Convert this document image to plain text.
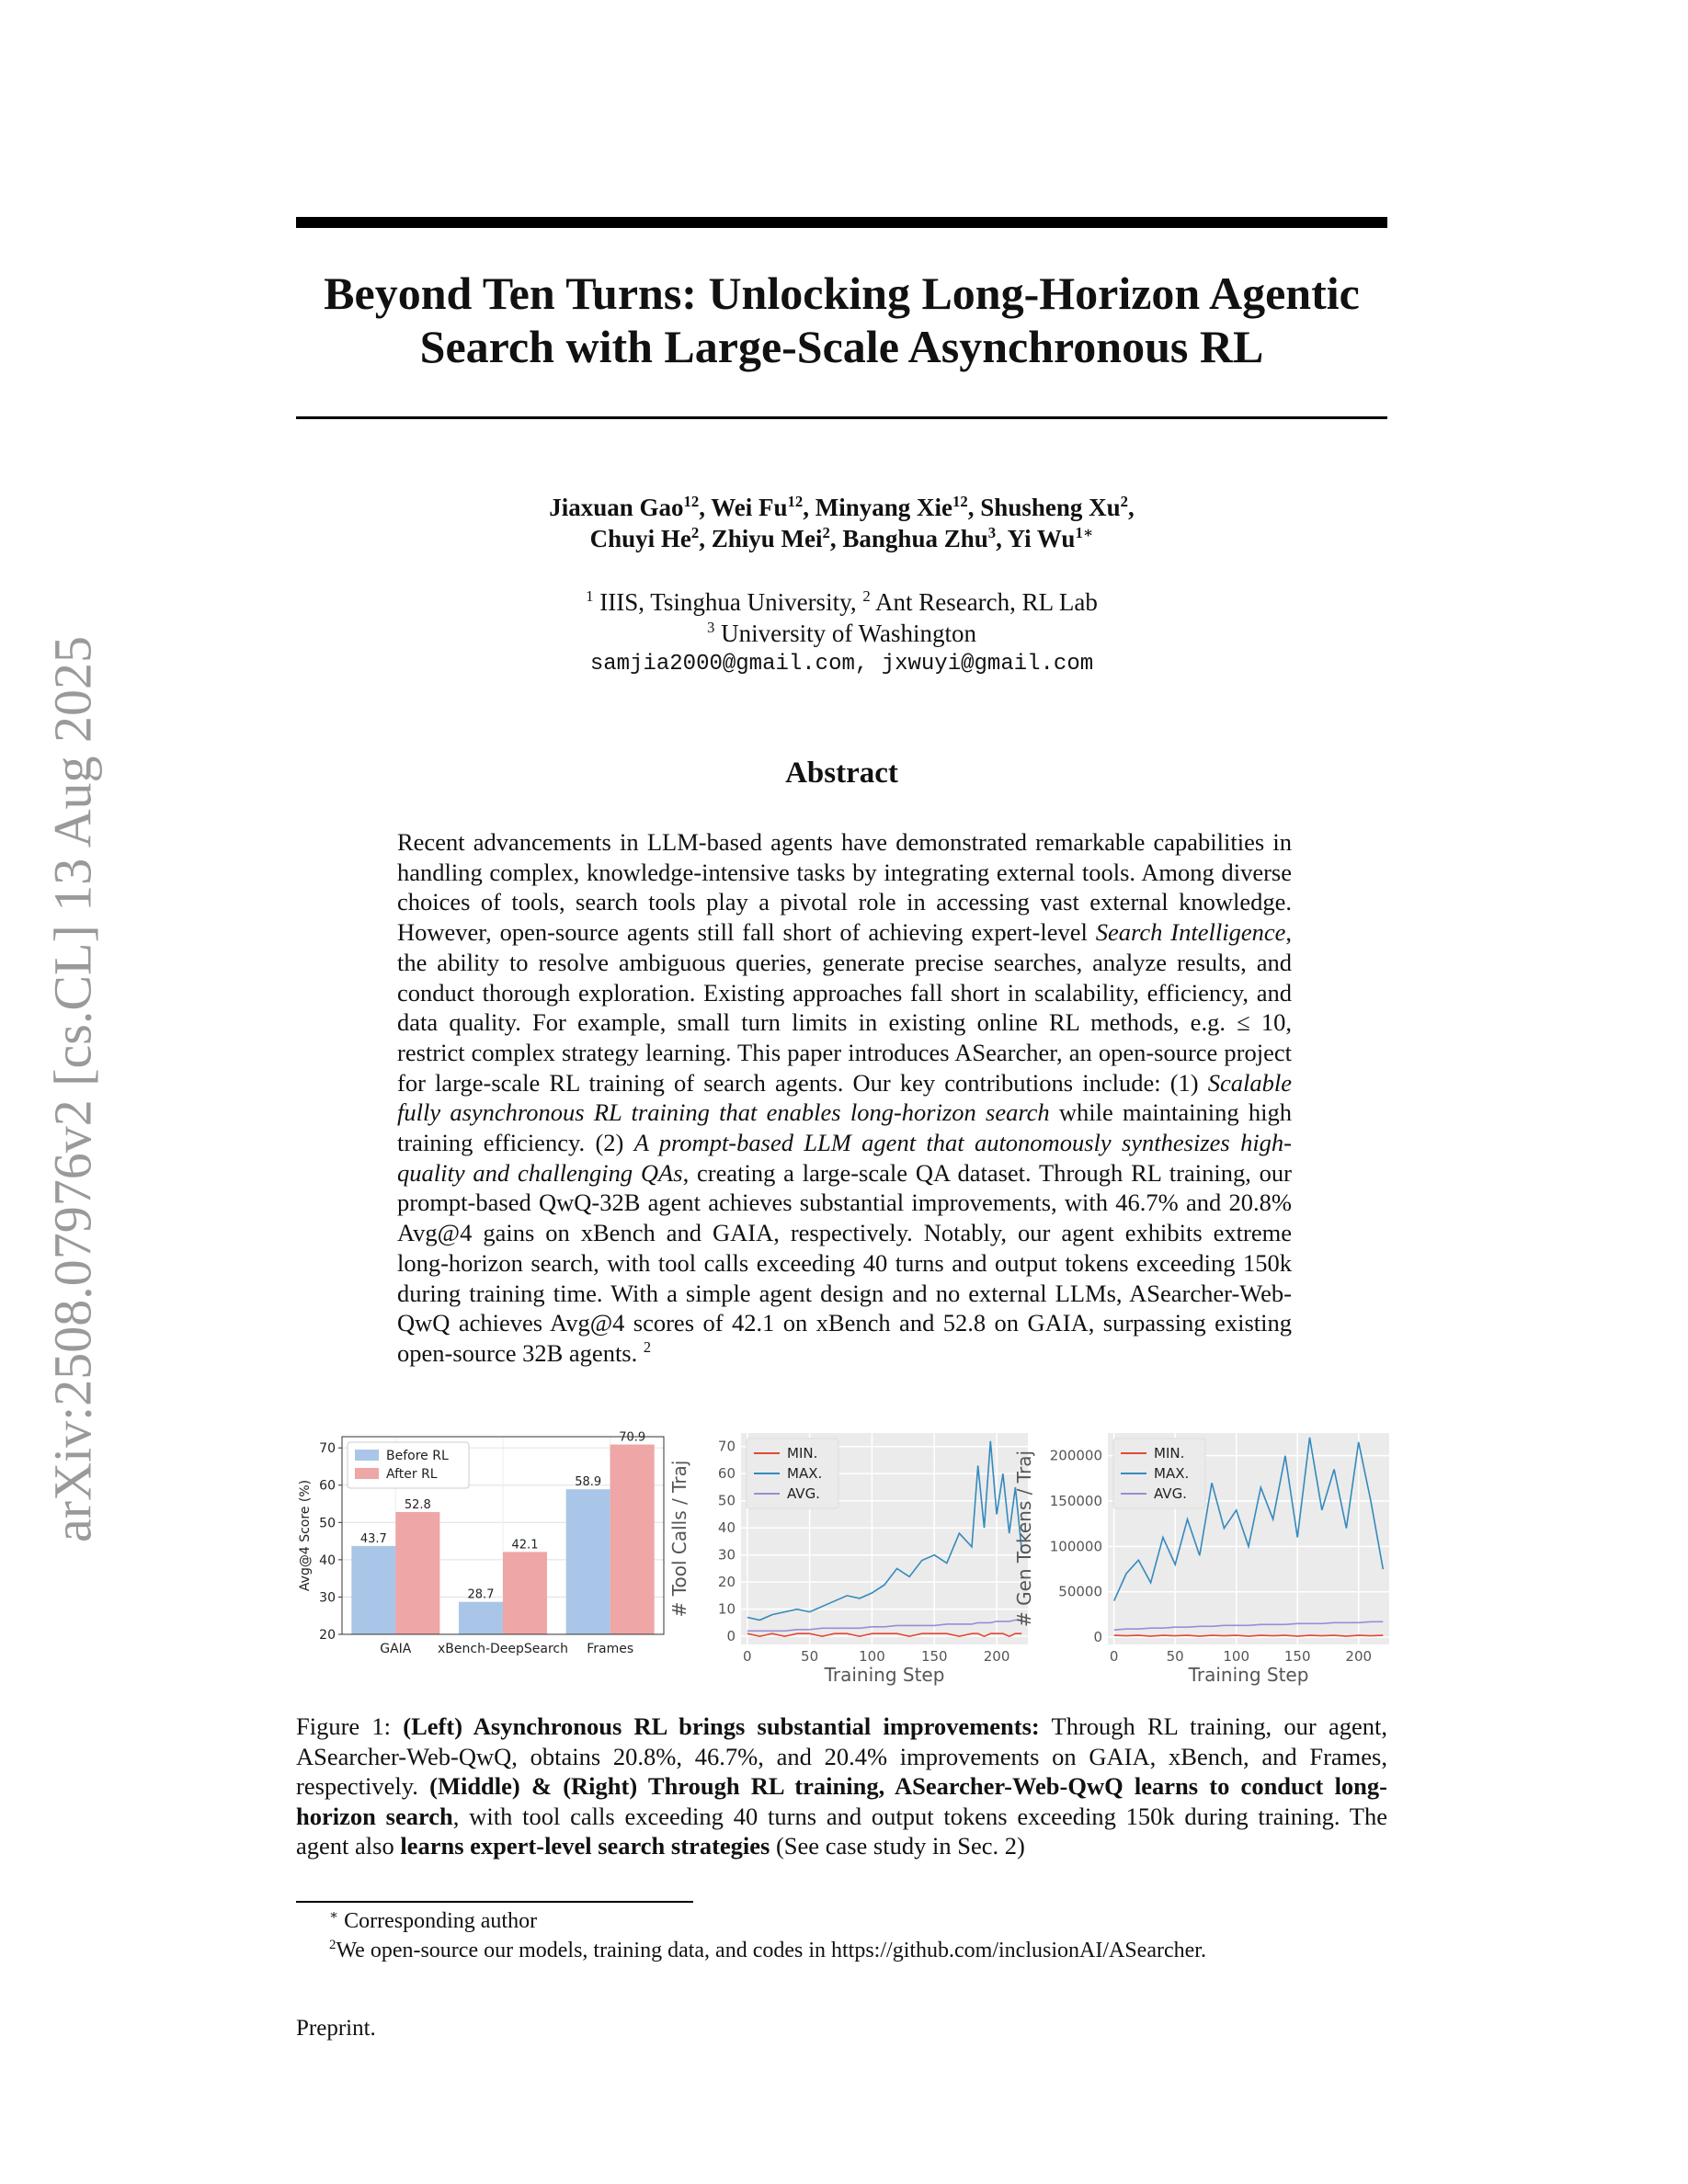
arXiv:2508.07976v2 [cs.CL] 13 Aug 2025
Beyond Ten Turns: Unlocking Long-Horizon Agentic
Search with Large-Scale Asynchronous RL
Jiaxuan Gao$^{12}$, Wei Fu$^{12}$, Minyang Xie$^{12}$, Shusheng Xu$^2$,
Chuyi He$^2$, Zhiyu Mei$^2$, Banghua Zhu$^3$, Yi $Wu^{1∗}$
$^1$ IIIS, Tsinghua University, $^2$ Ant Research, RL Lab
$^3$ University of Washington
samjia2000@gmail.com, jxwuyi@gmail.com
Abstract
Recent advancements in LLM-based agents have demonstrated remarkable capabilities in handling complex, knowledge-intensive tasks by integrating external tools. Among diverse choices of tools, search tools play a pivotal role in accessing vast external knowledge. However, open-source agents still fall short of achieving expert-level Search Intelligence, the ability to resolve ambiguous queries, generate precise searches, analyze results, and conduct thorough exploration. Existing approaches fall short in scalability, efficiency, and data quality. For example, small turn limits in existing online RL methods, e.g. ≤ 10, restrict complex strategy learning. This paper introduces ASearcher, an open-source project for large-scale RL training of search agents. Our key contributions include: (1) Scalable fully asynchronous RL training that enables long-horizon search while maintaining high training efficiency. (2) A prompt-based LLM agent that autonomously synthesizes high-quality and challenging QAs, creating a large-scale QA dataset. Through RL training, our prompt-based QwQ-32B agent achieves substantial improvements, with 46.7% and 20.8% Avg@4 gains on xBench and GAIA, respectively. Notably, our agent exhibits extreme long-horizon search, with tool calls exceeding 40 turns and output tokens exceeding 150k during training time. With a simple agent design and no external LLMs, ASearcher-Web-QwQ achieves Avg@4 scores of 42.1 on xBench and 52.8 on GAIA, surpassing existing open-source 32B agents. $^2$
20
30
40
50
60
70
43.7
52.8
GAIA
28.7
42.1
xBench-DeepSearch
58.9
70.9
Frames
Avg@4 Score (%)
Before RL
After RL
0
10
20
30
40
50
60
70
0	50	100	150	200
Training Step
# Tool Calls / Traj
MIN.
MAX.
AVG.
0
50000
100000
150000
200000
0	50	100	150	200
Training Step
# Gen Tokens / Traj	MIN.
MAX.
AVG.
Figure 1: (Left) Asynchronous RL brings substantial improvements: Through RL training, our agent, ASearcher-Web-QwQ, obtains 20.8%, 46.7%, and 20.4% improvements on GAIA, xBench, and Frames, respectively. (Middle) & (Right) Through RL training, ASearcher-Web-QwQ learns to conduct long-horizon search, with tool calls exceeding 40 turns and output tokens exceeding 150k during training. The agent also learns expert-level search strategies (See case study in Sec. 2)
∗ Corresponding author
$^2$We open-source our models, training data, and codes in https://github.com/inclusionAI/ASearcher.
Preprint.
